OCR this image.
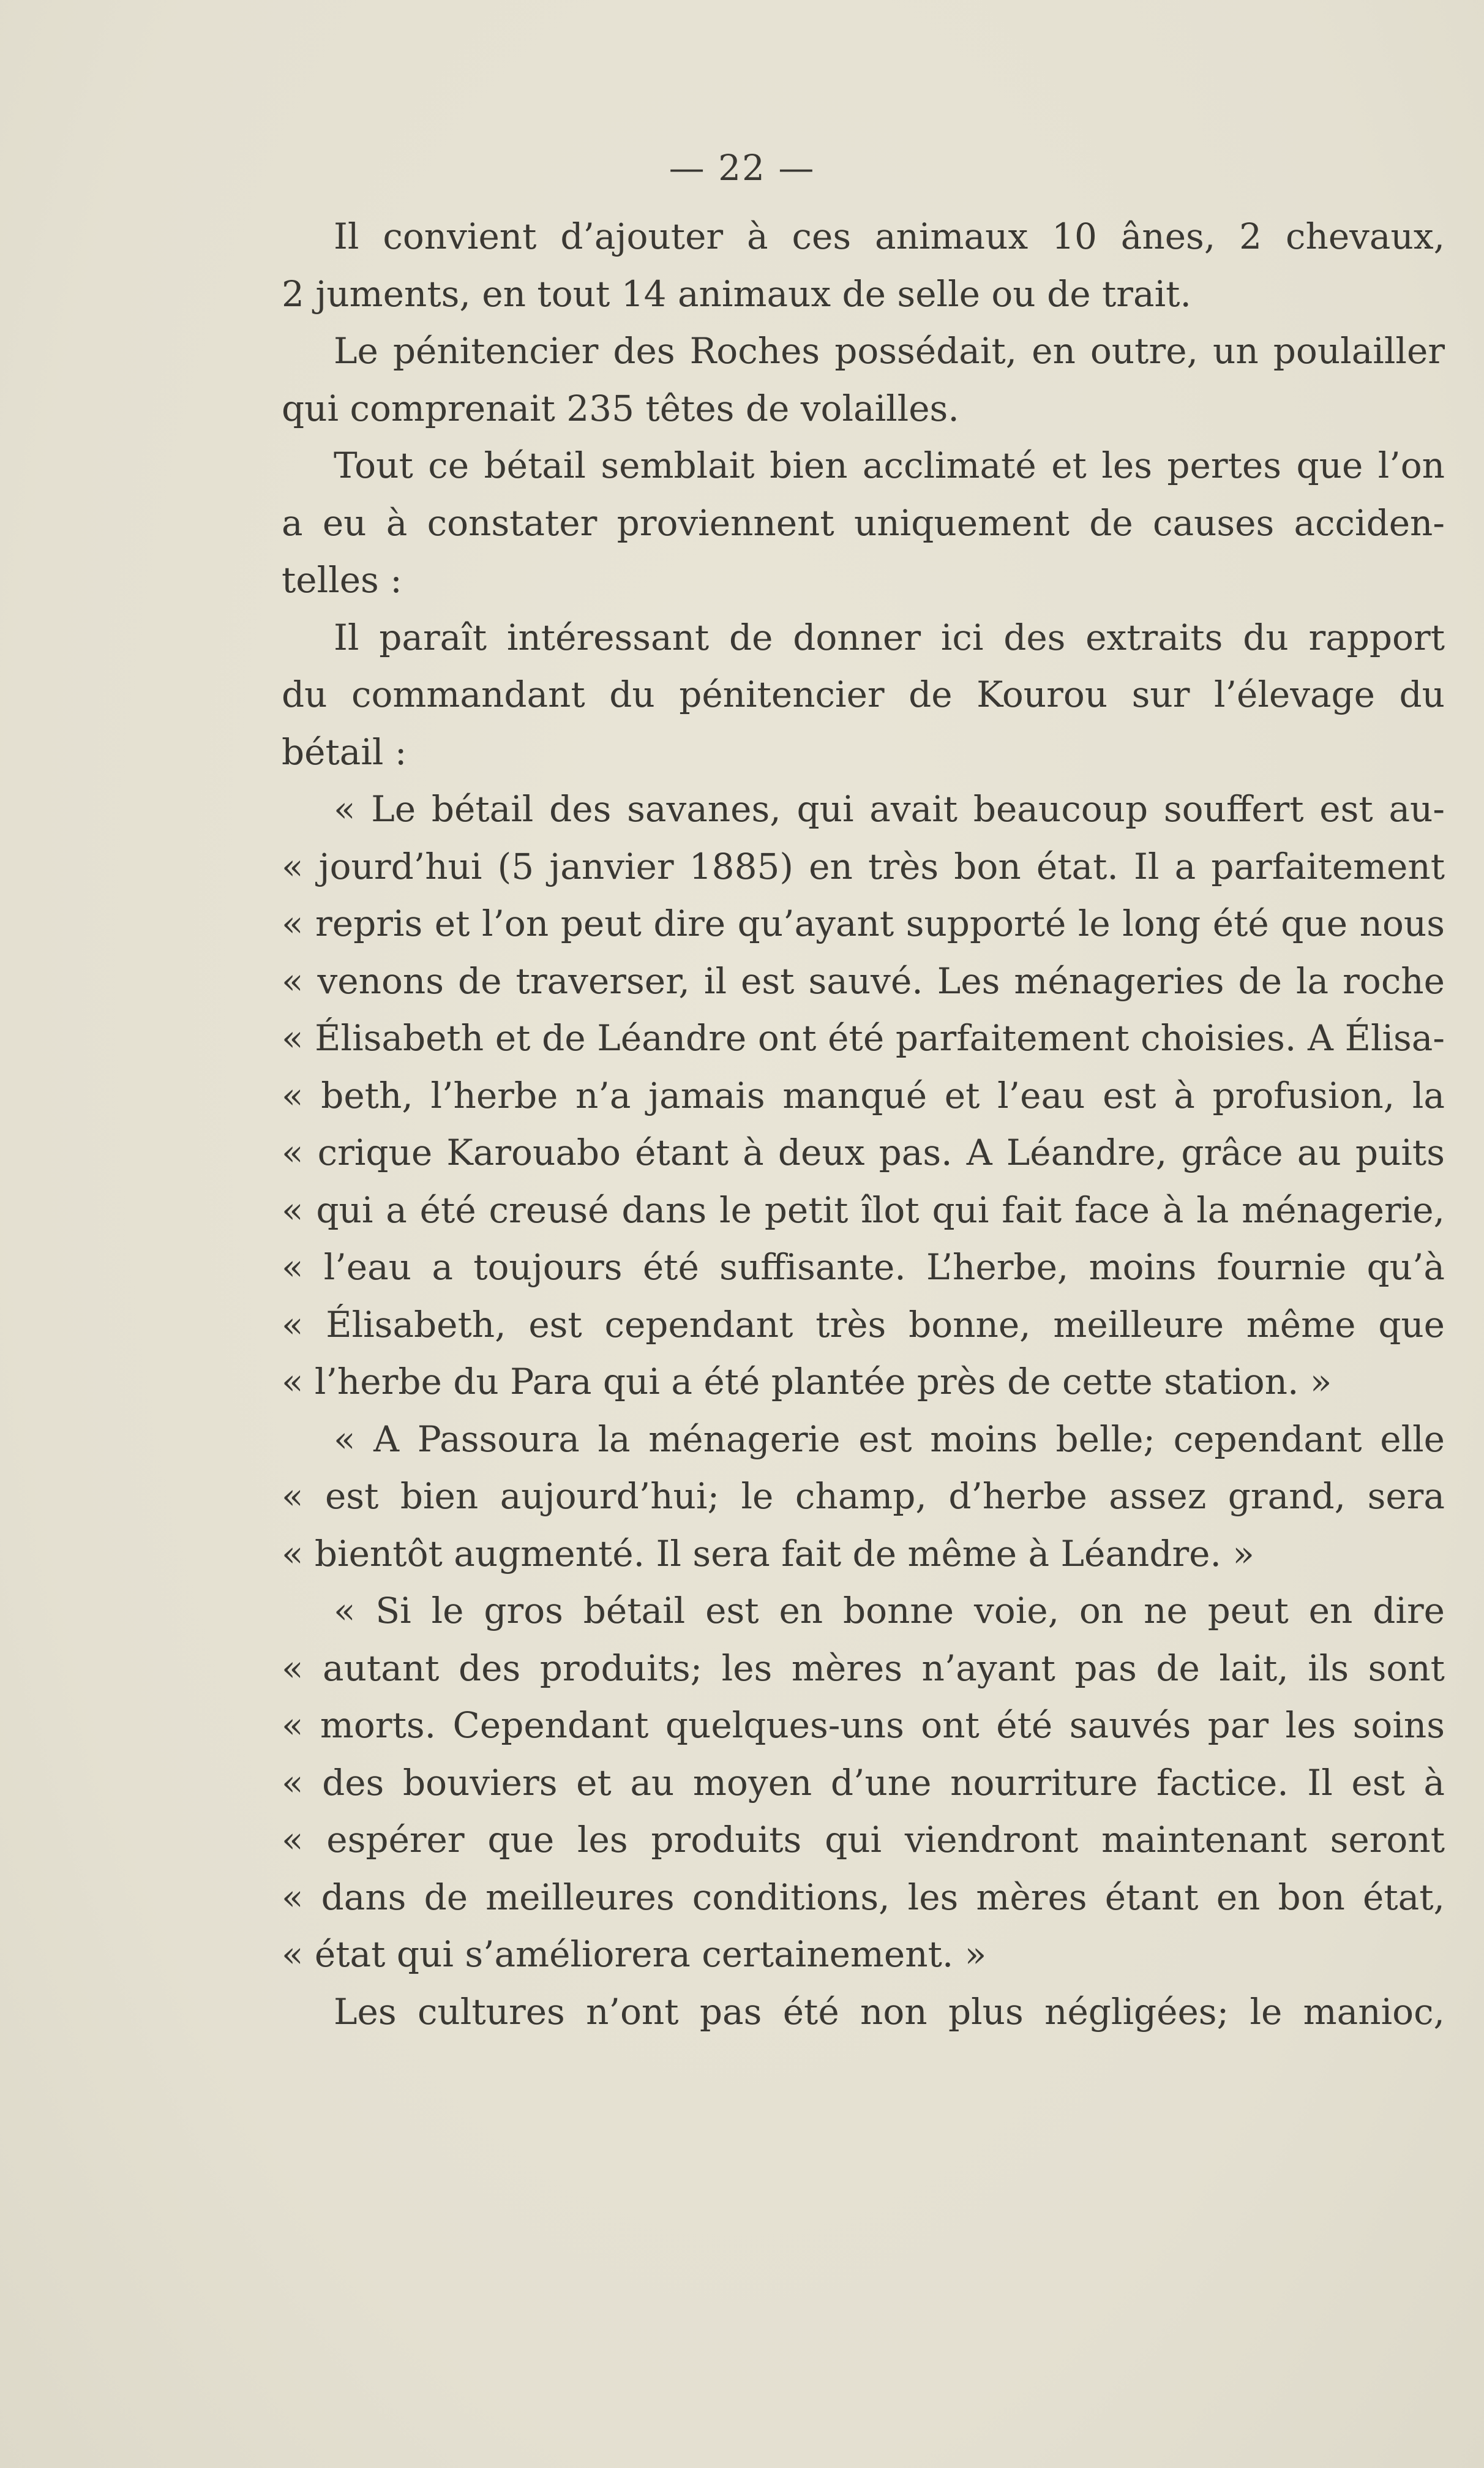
— 22 —
Il convient d’ajouter à ces animaux 10 ânes, 2 chevaux,
2 juments, en tout 14 animaux de selle ou de trait.
Le pénitencier des Roches possédait, en outre, un poulailler
qui comprenait 235 têtes de volailles.
Tout ce bétail semblait bien acclimaté et les pertes que l’on
a eu à constater proviennent uniquement de causes acciden-
telles :
Il paraît intéressant de donner ici des extraits du rapport
du commandant du pénitencier de Kourou sur l’élevage du
bétail :
« Le bétail des savanes, qui avait beaucoup souffert est au-
« jourd’hui (5 janvier 1885) en très bon état. Il a parfaitement
« repris et l’on peut dire qu’ayant supporté le long été que nous
« venons de traverser, il est sauvé. Les ménageries de la roche
« Élisabeth et de Léandre ont été parfaitement choisies. A Élisa-
« beth, l’herbe n’a jamais manqué et l’eau est à profusion, la
« crique Karouabo étant à deux pas. A Léandre, grâce au puits
« qui a été creusé dans le petit îlot qui fait face à la ménagerie,
« l’eau a toujours été suffisante. L’herbe, moins fournie qu’à
« Élisabeth, est cependant très bonne, meilleure même que
« l’herbe du Para qui a été plantée près de cette station. »
« A Passoura la ménagerie est moins belle; cependant elle
« est bien aujourd’hui; le champ, d’herbe assez grand, sera
« bientôt augmenté. Il sera fait de même à Léandre. »
« Si le gros bétail est en bonne voie, on ne peut en dire
« autant des produits; les mères n’ayant pas de lait, ils sont
« morts. Cependant quelques-uns ont été sauvés par les soins
« des bouviers et au moyen d’une nourriture factice. Il est à
« espérer que les produits qui viendront maintenant seront
« dans de meilleures conditions, les mères étant en bon état,
« état qui s’améliorera certainement. »
Les cultures n’ont pas été non plus négligées; le manioc,
